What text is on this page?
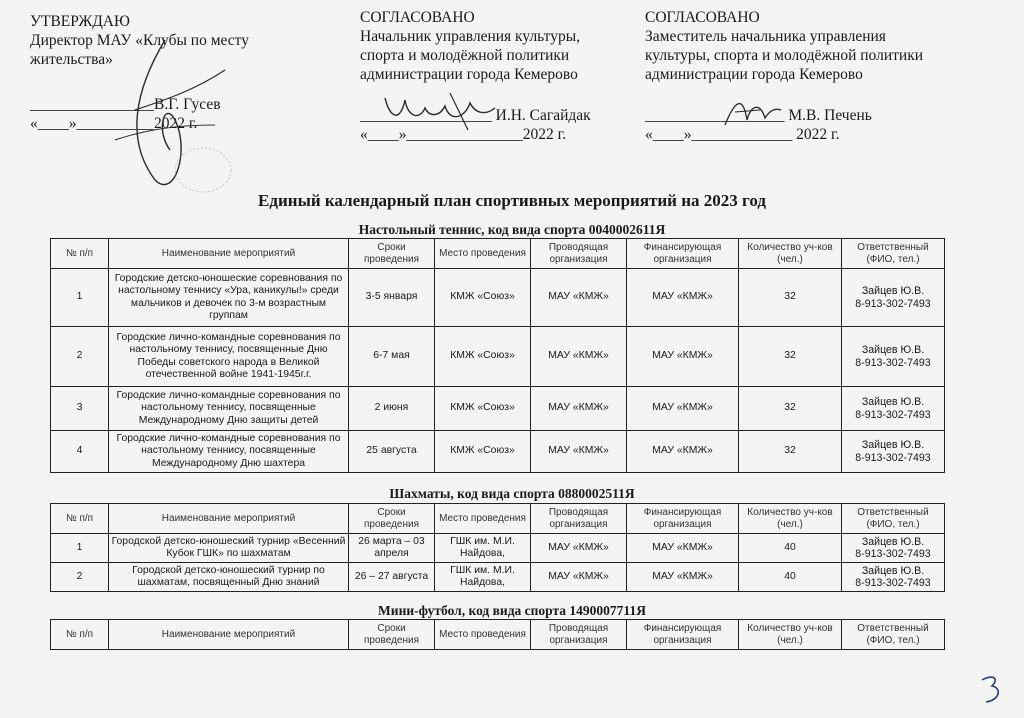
УТВЕРЖДАЮ
Директор МАУ «Клубы по месту
жительства»
________________В.Г. Гусев
«____»__________2022 г.
СОГЛАСОВАНО
Начальник управления культуры,
спорта и молодёжной политики
администрации города Кемерово
_________________ И.Н. Сагайдак
«____»_______________2022 г.
СОГЛАСОВАНО
Заместитель начальника управления
культуры, спорта и молодёжной политики
администрации города Кемерово
__________________ М.В. Печень
«____»_____________ 2022 г.
Единый календарный план спортивных мероприятий на 2023 год
Настольный теннис, код вида спорта 0040002611Я
№ п/п	Наименование мероприятий	Сроки проведения	Место проведения	Проводящая организация	Финансирующая организация	Количество уч-ков (чел.)	Ответственный (ФИО, тел.)
1	Городские детско-юношеские соревнования по настольному теннису «Ура, каникулы!» среди мальчиков и девочек по 3-м возрастным группам	3-5 января	КМЖ «Союз»	МАУ «КМЖ»	МАУ «КМЖ»	32	Зайцев Ю.В.
8-913-302-7493
2	Городские лично-командные соревнования по настольному теннису, посвященные Дню Победы советского народа в Великой отечественной войне 1941-1945г.г.	6-7 мая	КМЖ «Союз»	МАУ «КМЖ»	МАУ «КМЖ»	32	Зайцев Ю.В.
8-913-302-7493
3	Городские лично-командные соревнования по настольному теннису, посвященные Международному Дню защиты детей	2 июня	КМЖ «Союз»	МАУ «КМЖ»	МАУ «КМЖ»	32	Зайцев Ю.В.
8-913-302-7493
4	Городские лично-командные соревнования по настольному теннису, посвященные Международному Дню шахтера	25 августа	КМЖ «Союз»	МАУ «КМЖ»	МАУ «КМЖ»	32	Зайцев Ю.В.
8-913-302-7493
Шахматы, код вида спорта 0880002511Я
№ п/п	Наименование мероприятий	Сроки проведения	Место проведения	Проводящая организация	Финансирующая организация	Количество уч-ков (чел.)	Ответственный (ФИО, тел.)
1	Городской детско-юношеский турнир «Весенний Кубок ГШК» по шахматам	26 марта – 03 апреля	ГШК им. М.И. Найдова,	МАУ «КМЖ»	МАУ «КМЖ»	40	Зайцев Ю.В.
8-913-302-7493
2	Городской детско-юношеский турнир по шахматам, посвященный Дню знаний	26 – 27 августа	ГШК им. М.И. Найдова,	МАУ «КМЖ»	МАУ «КМЖ»	40	Зайцев Ю.В.
8-913-302-7493
Мини-футбол, код вида спорта 1490007711Я
№ п/п	Наименование мероприятий	Сроки проведения	Место проведения	Проводящая организация	Финансирующая организация	Количество уч-ков (чел.)	Ответственный (ФИО, тел.)
